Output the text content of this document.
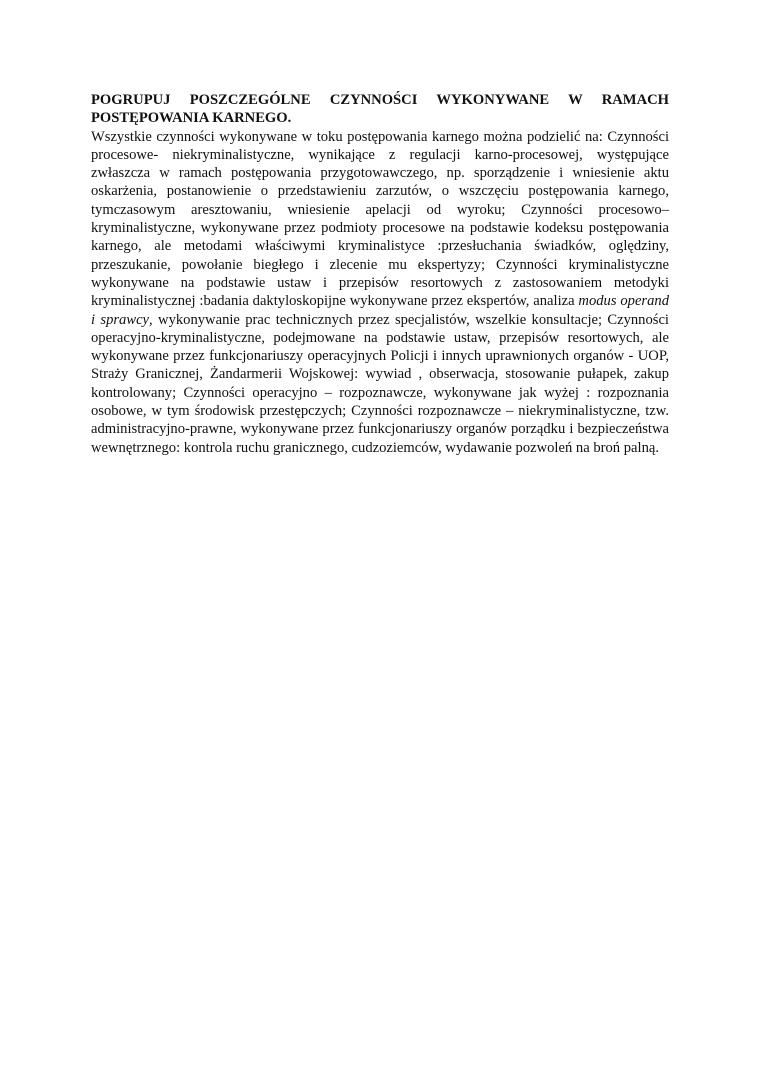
POGRUPUJ POSZCZEGÓLNE CZYNNOŚCI WYKONYWANE W RAMACH POSTĘPOWANIA KARNEGO.

Wszystkie czynności wykonywane w toku postępowania karnego można podzielić na: Czynności procesowe- niekryminalistyczne, wynikające z regulacji karno-procesowej, występujące zwłaszcza w ramach postępowania przygotowawczego, np. sporządzenie i wniesienie aktu oskarżenia, postanowienie o przedstawieniu zarzutów, o wszczęciu postępowania karnego, tymczasowym aresztowaniu, wniesienie apelacji od wyroku; Czynności procesowo–kryminalistyczne, wykonywane przez podmioty procesowe na podstawie kodeksu postępowania karnego, ale metodami właściwymi kryminalistyce :przesłuchania świadków, oględziny, przeszukanie, powołanie biegłego i zlecenie mu ekspertyzy; Czynności kryminalistyczne wykonywane na podstawie ustaw i przepisów resortowych z zastosowaniem metodyki kryminalistycznej :badania daktyloskopijne wykonywane przez ekspertów, analiza modus operand i sprawcy, wykonywanie prac technicznych przez specjalistów, wszelkie konsultacje; Czynności operacyjno-kryminalistyczne, podejmowane na podstawie ustaw, przepisów resortowych, ale wykonywane przez funkcjonariuszy operacyjnych Policji i innych uprawnionych organów - UOP, Straży Granicznej, Żandarmerii Wojskowej: wywiad , obserwacja, stosowanie pułapek, zakup kontrolowany; Czynności operacyjno – rozpoznawcze, wykonywane jak wyżej : rozpoznania osobowe, w tym środowisk przestępczych; Czynności rozpoznawcze – niekryminalistyczne, tzw. administracyjno-prawne, wykonywane przez funkcjonariuszy organów porządku i bezpieczeństwa wewnętrznego: kontrola ruchu granicznego, cudzoziemców, wydawanie pozwoleń na broń palną.
